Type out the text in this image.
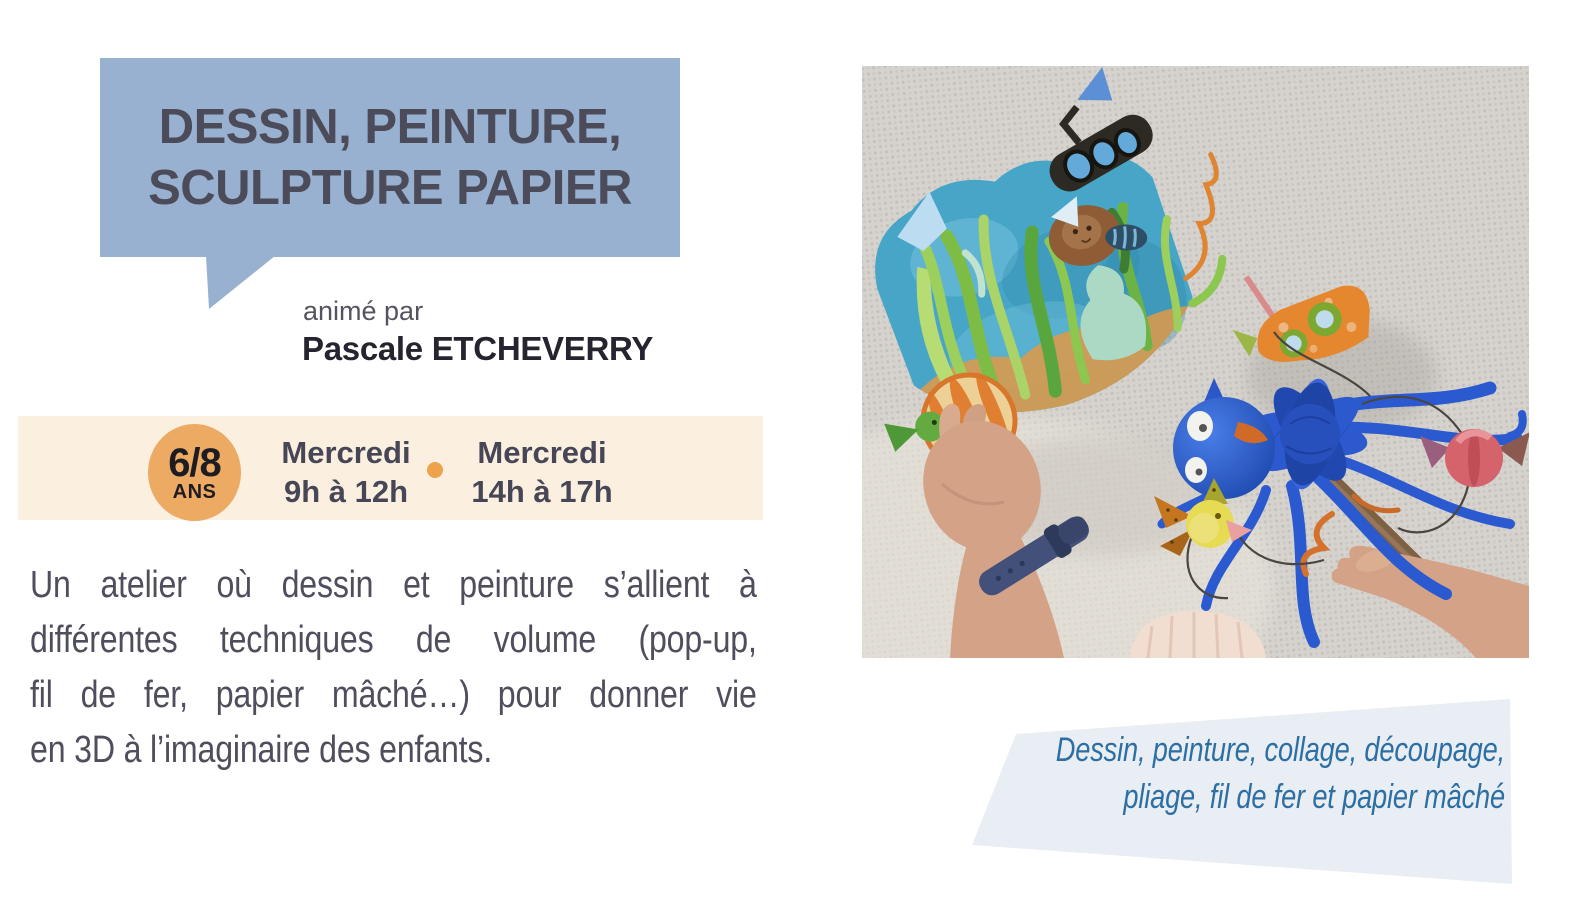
DESSIN, PEINTURE,
SCULPTURE PAPIER
animé par
Pascale ETCHEVERRY
6/8
ANS
Mercredi
9h à 12h
Mercredi
14h à 17h
Un atelier où dessin et peinture s’allient à
différentes techniques de volume (pop-up,
fil de fer, papier mâché…) pour donner vie
en 3D à l’imaginaire des enfants.	Dessin, peinture, collage, découpage,
pliage, fil de fer et papier mâché
